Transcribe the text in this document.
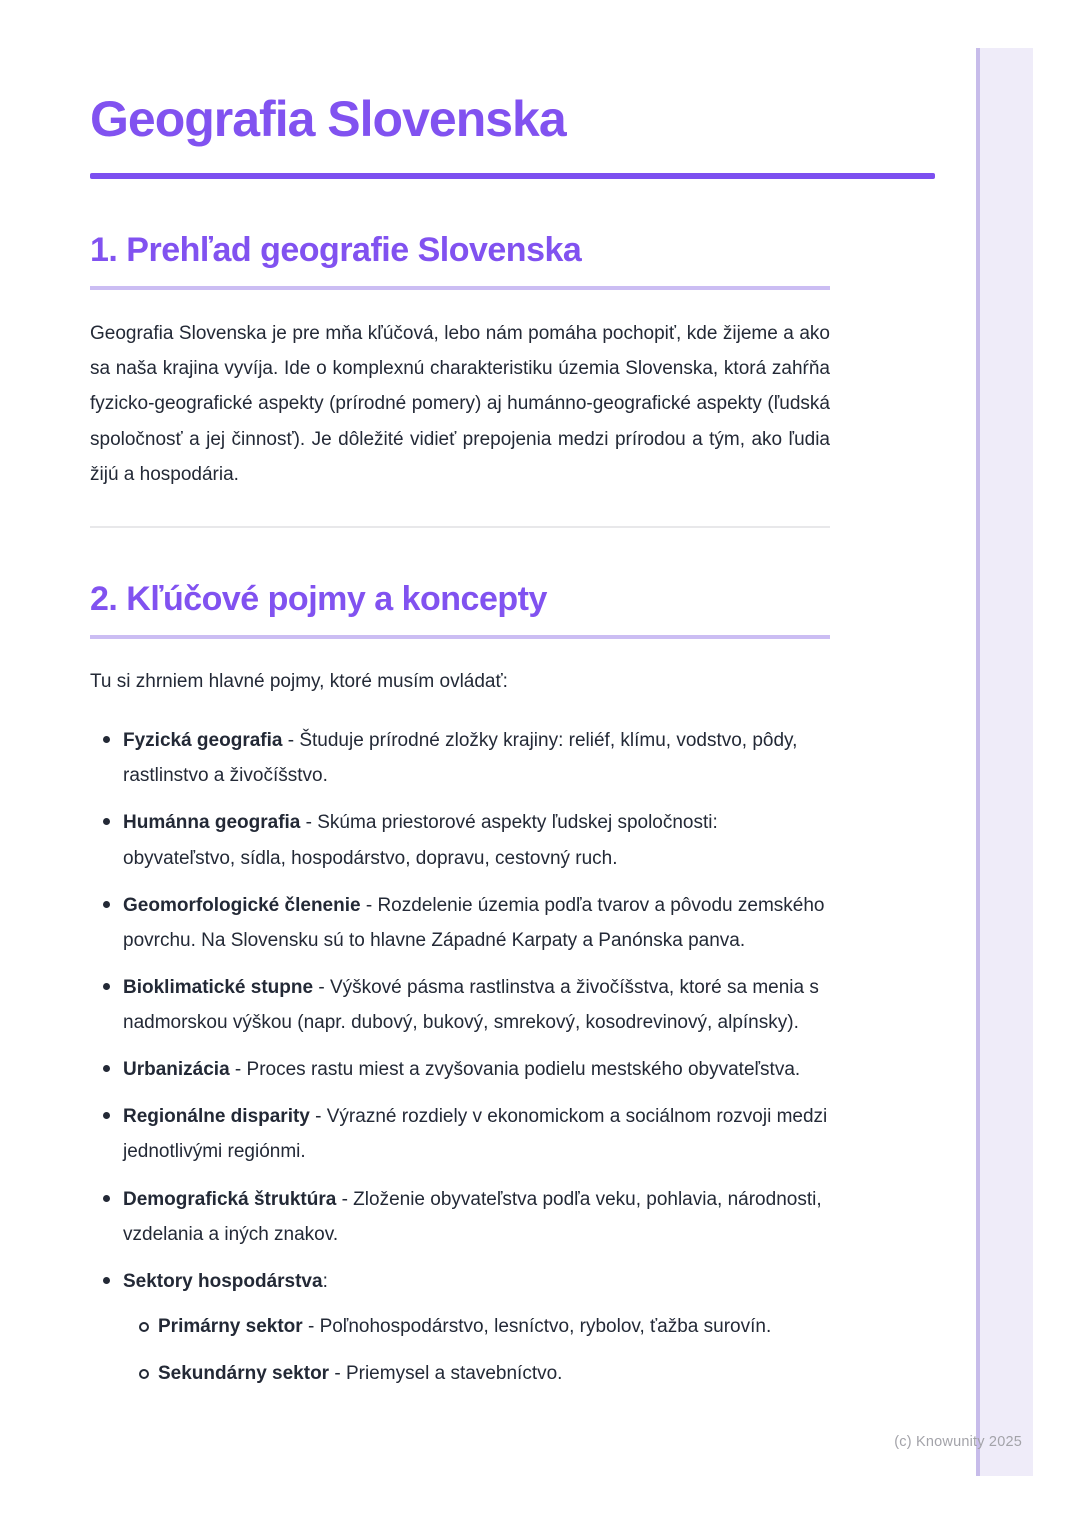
(c) Knowunity 2025
Geografia Slovenska
1. Prehľad geografie Slovenska

Geografia Slovenska je pre mňa kľúčová, lebo nám pomáha pochopiť, kde žijeme a ako sa naša krajina vyvíja. Ide o komplexnú charakteristiku územia Slovenska, ktorá zahŕňa fyzicko-geografické aspekty (prírodné pomery) aj humánno-geografické aspekty (ľudská spoločnosť a jej činnosť). Je dôležité vidieť prepojenia medzi prírodou a tým, ako ľudia žijú a hospodária.

2. Kľúčové pojmy a koncepty

Tu si zhrniem hlavné pojmy, ktoré musím ovládať:

Fyzická geografia - Študuje prírodné zložky krajiny: reliéf, klímu, vodstvo, pôdy, rastlinstvo a živočíšstvo.
Humánna geografia - Skúma priestorové aspekty ľudskej spoločnosti: obyvateľstvo, sídla, hospodárstvo, dopravu, cestovný ruch.
Geomorfologické členenie - Rozdelenie územia podľa tvarov a pôvodu zemského povrchu. Na Slovensku sú to hlavne Západné Karpaty a Panónska panva.
Bioklimatické stupne - Výškové pásma rastlinstva a živočíšstva, ktoré sa menia s nadmorskou výškou (napr. dubový, bukový, smrekový, kosodrevinový, alpínsky).
Urbanizácia - Proces rastu miest a zvyšovania podielu mestského obyvateľstva.
Regionálne disparity - Výrazné rozdiely v ekonomickom a sociálnom rozvoji medzi jednotlivými regiónmi.
Demografická štruktúra - Zloženie obyvateľstva podľa veku, pohlavia, národnosti, vzdelania a iných znakov.
Sektory hospodárstva:
Primárny sektor - Poľnohospodárstvo, lesníctvo, rybolov, ťažba surovín.
Sekundárny sektor - Priemysel a stavebníctvo.
